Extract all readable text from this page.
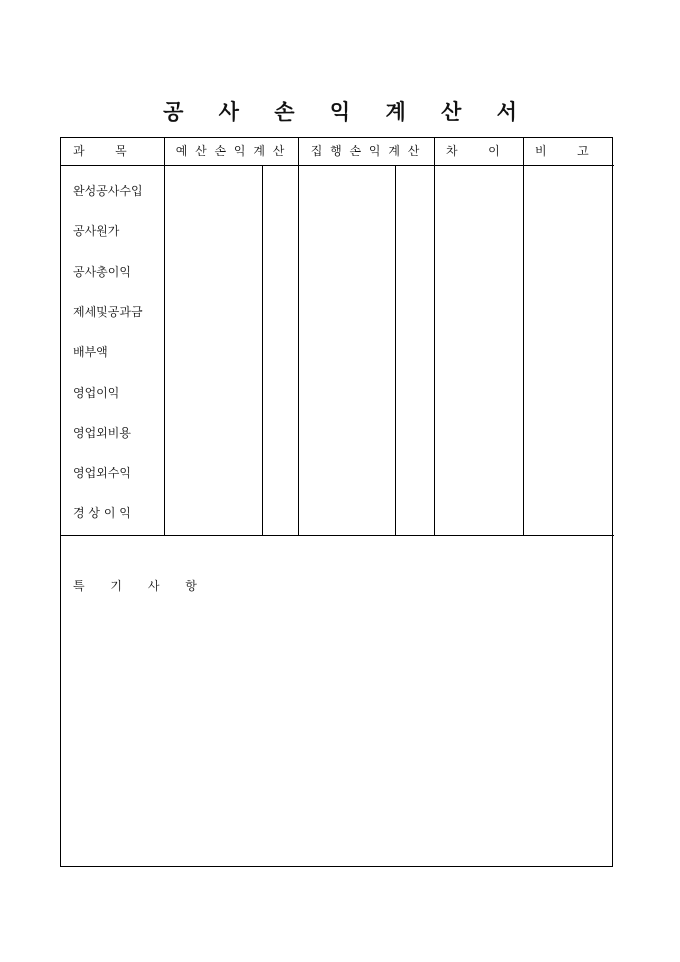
공 사 손 익 계 산 서
과        목	예 산 손 익 계 산	집 행 손 익 계 산	차        이	비        고
완성공사수입
공사원가
공사총이익
제세및공과금
배부액
영업이익
영업외비용
영업외수익
경 상 이 익
특 기 사 항
